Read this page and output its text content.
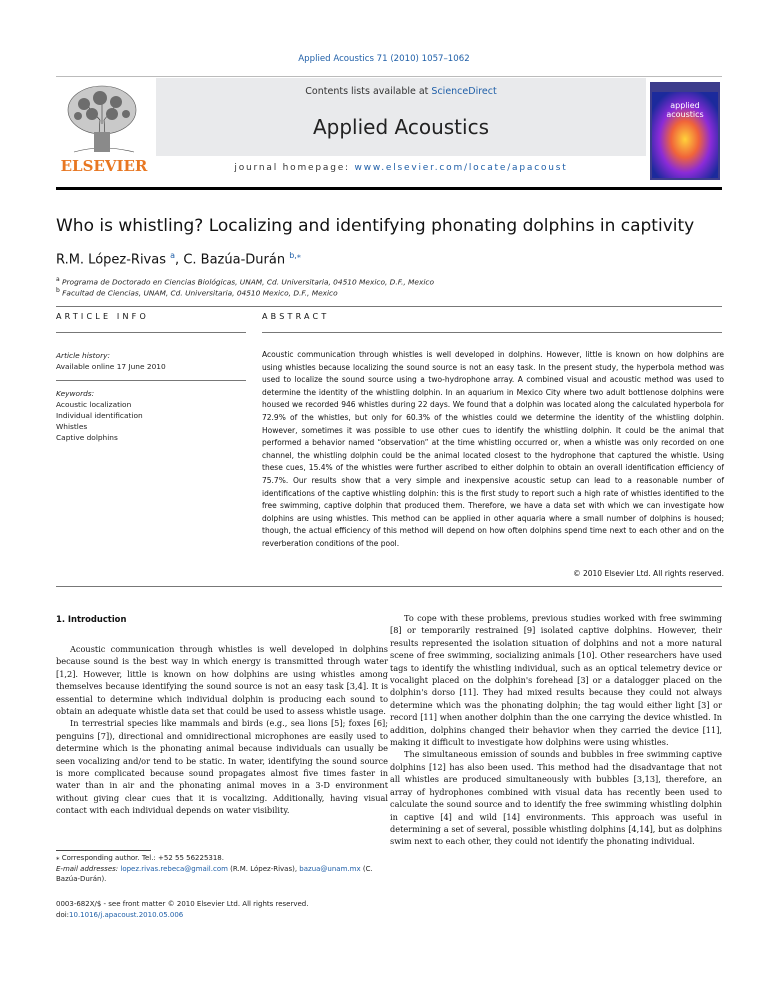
Applied Acoustics 71 (2010) 1057–1062
ELSEVIER
Contents lists available at ScienceDirect
Applied Acoustics
journal homepage: www.elsevier.com/locate/apacoust
applied
acoustics
Who is whistling? Localizing and identifying phonating dolphins in captivity
R.M. López-Rivas $^a$, C. Bazúa-Durán $^{b,⁎}$
$^a$ Programa de Doctorado en Ciencias Biológicas, UNAM, Cd. Universitaria, 04510 Mexico, D.F., Mexico
$^b$ Facultad de Ciencias, UNAM, Cd. Universitaria, 04510 Mexico, D.F., Mexico
ARTICLE INFO	ABSTRACT
Article history:
Available online 17 June 2010
Keywords:
Acoustic localization
Individual identification
Whistles
Captive dolphins
Acoustic communication through whistles is well developed in dolphins. However, little is known on how dolphins are using whistles because localizing the sound source is not an easy task. In the present study, the hyperbola method was used to localize the sound source using a two-hydrophone array. A combined visual and acoustic method was used to determine the identity of the whistling dolphin. In an aquarium in Mexico City where two adult bottlenose dolphins were housed we recorded 946 whistles during 22 days. We found that a dolphin was located along the calculated hyperbola for 72.9% of the whistles, but only for 60.3% of the whistles could we determine the identity of the whistling dolphin. However, sometimes it was possible to use other cues to identify the whistling dolphin. It could be the animal that performed a behavior named “observation” at the time whistling occurred or, when a whistle was only recorded on one channel, the whistling dolphin could be the animal located closest to the hydrophone that captured the whistle. Using these cues, 15.4% of the whistles were further ascribed to either dolphin to obtain an overall identification efficiency of 75.7%. Our results show that a very simple and inexpensive acoustic setup can lead to a reasonable number of identifications of the captive whistling dolphin: this is the first study to report such a high rate of whistles identified to the free swimming, captive dolphin that produced them. Therefore, we have a data set with which we can investigate how dolphins are using whistles. This method can be applied in other aquaria where a small number of dolphins is housed; though, the actual efficiency of this method will depend on how often dolphins spend time next to each other and on the reverberation conditions of the pool.
© 2010 Elsevier Ltd. All rights reserved.
1. Introduction

Acoustic communication through whistles is well developed in dolphins because sound is the best way in which energy is transmitted through water [1,2]. However, little is known on how dolphins are using whistles among themselves because identifying the sound source is not an easy task [3,4]. It is essential to determine which individual dolphin is producing each sound to obtain an adequate whistle data set that could be used to assess whistle usage.

In terrestrial species like mammals and birds (e.g., sea lions [5]; foxes [6]; penguins [7]), directional and omnidirectional microphones are easily used to determine which is the phonating animal because individuals can usually be seen vocalizing and/or tend to be static. In water, identifying the sound source is more complicated because sound propagates almost five times faster in water than in air and the phonating animal moves in a 3-D environment without giving clear cues that it is vocalizing. Additionally, having visual contact with each individual depends on water visibility.

To cope with these problems, previous studies worked with free swimming [8] or temporarily restrained [9] isolated captive dolphins. However, their results represented the isolation situation of dolphins and not a more natural scene of free swimming, socializing animals [10]. Other researchers have used tags to identify the whistling individual, such as an optical telemetry device or vocalight placed on the dolphin's forehead [3] or a datalogger placed on the dolphin's dorso [11]. They had mixed results because they could not always determine which was the phonating dolphin; the tag would either light [3] or record [11] when another dolphin than the one carrying the device whistled. In addition, dolphins changed their behavior when they carried the device [11], making it difficult to investigate how dolphins were using whistles.

The simultaneous emission of sounds and bubbles in free swimming captive dolphins [12] has also been used. This method had the disadvantage that not all whistles are produced simultaneously with bubbles [3,13], therefore, an array of hydrophones combined with visual data has recently been used to calculate the sound source and to identify the free swimming whistling dolphin in captive [4] and wild [14] environments. This approach was useful in determining a set of several, possible whistling dolphins [4,14], but as dolphins swim next to each other, they could not identify the phonating individual.

⁎ Corresponding author. Tel.: +52 55 56225318.
E-mail addresses: lopez.rivas.rebeca@gmail.com (R.M. López-Rivas), bazua@unam.mx (C. Bazúa-Durán).
0003-682X/$ - see front matter © 2010 Elsevier Ltd. All rights reserved.
doi:10.1016/j.apacoust.2010.05.006
